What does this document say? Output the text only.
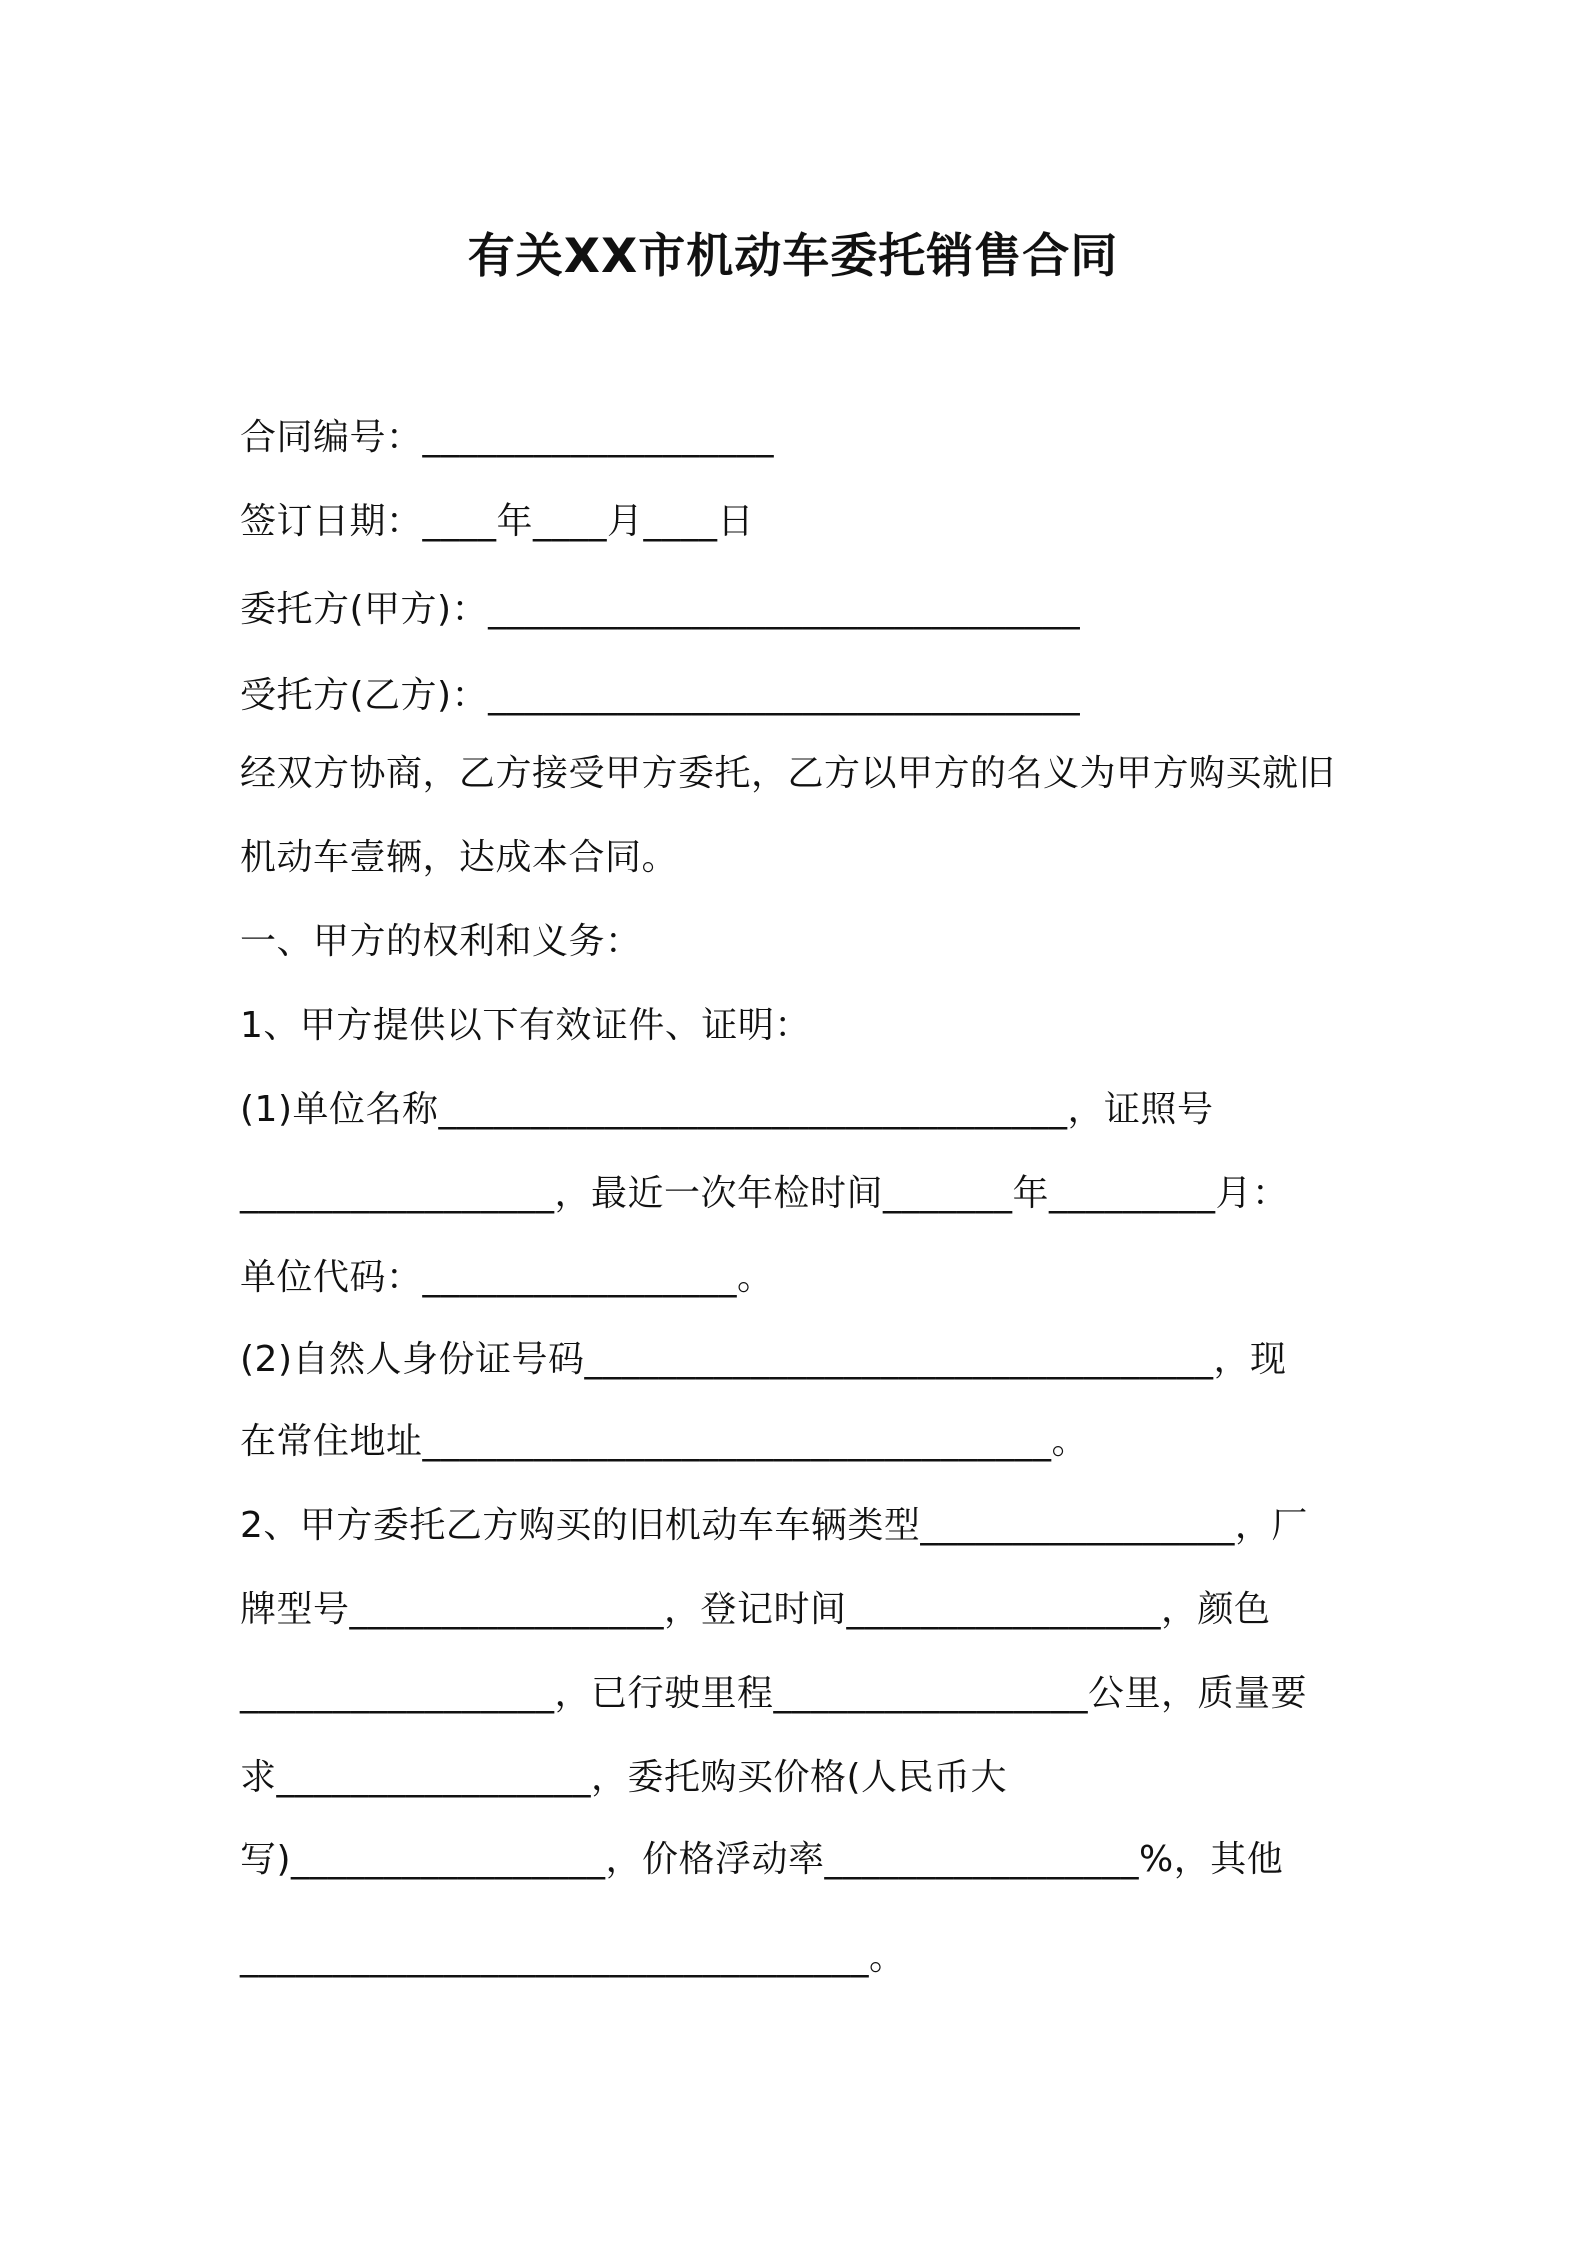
有关XX市机动车委托销售合同
合同编号：___________________
签订日期：____年____月____日
委托方(甲方)：________________________________
受托方(乙方)：________________________________
经双方协商，乙方接受甲方委托，乙方以甲方的名义为甲方购买就旧
机动车壹辆，达成本合同。
一、甲方的权利和义务：
1、甲方提供以下有效证件、证明：
(1)单位名称__________________________________，证照号
_________________，最近一次年检时间_______年_________月：
单位代码：_________________。
(2)自然人身份证号码__________________________________，现
在常住地址__________________________________。
2、甲方委托乙方购买的旧机动车车辆类型_________________，厂
牌型号_________________，登记时间_________________，颜色
_________________，已行驶里程_________________公里，质量要
求_________________，委托购买价格(人民币大
写)_________________，价格浮动率_________________%，其他
__________________________________。
